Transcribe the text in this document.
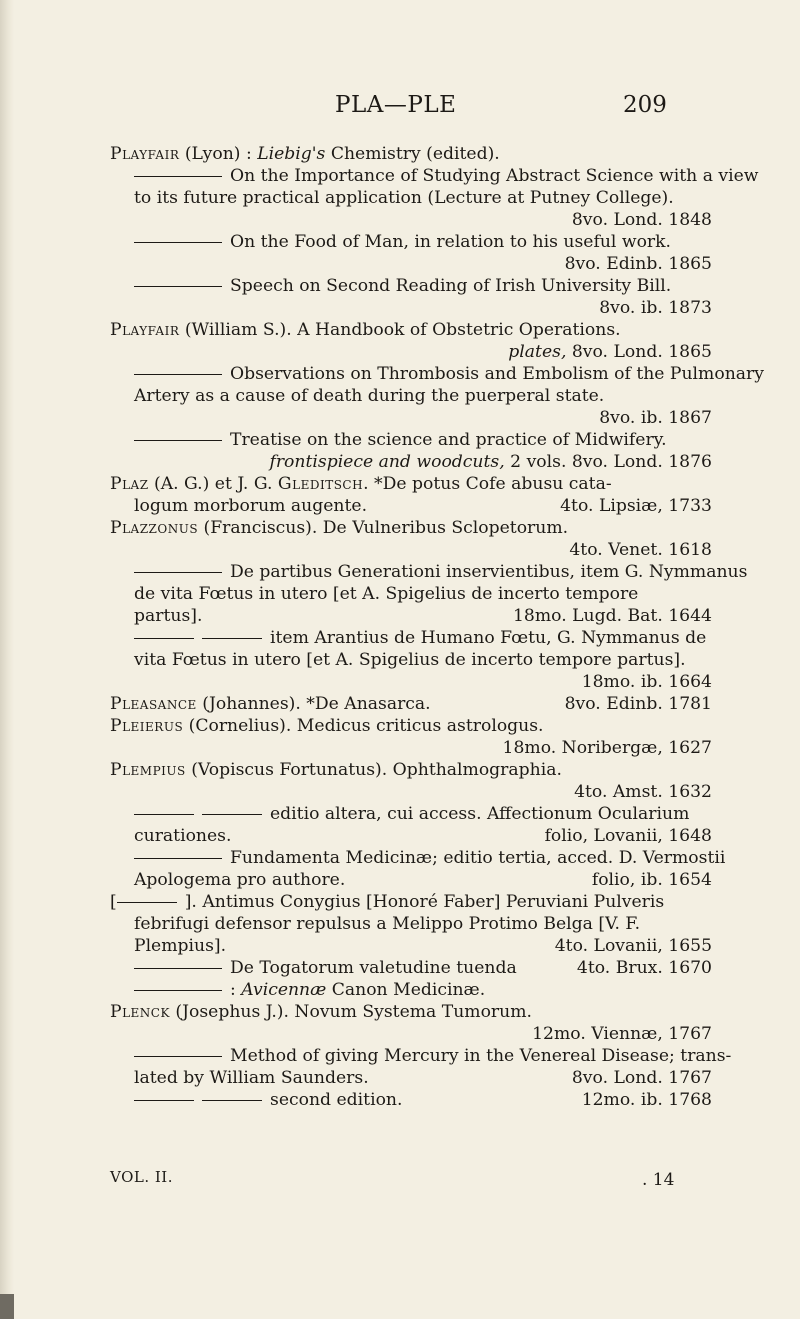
PLA—PLE	209
Playfair (Lyon) : Liebig's Chemistry (edited).
On the Importance of Studying Abstract Science with a view
to its future practical application (Lecture at Putney College).
8vo. Lond. 1848
On the Food of Man, in relation to his useful work.
8vo. Edinb. 1865
Speech on Second Reading of Irish University Bill.
8vo. ib. 1873
Playfair (William S.). A Handbook of Obstetric Operations.
plates, 8vo. Lond. 1865
Observations on Thrombosis and Embolism of the Pulmonary
Artery as a cause of death during the puerperal state.
8vo. ib. 1867
Treatise on the science and practice of Midwifery.
frontispiece and woodcuts, 2 vols. 8vo. Lond. 1876
Plaz (A. G.) et J. G. Gleditsch. *De potus Cofe abusu cata-
logum morborum augente.	4to. Lipsiæ, 1733
Plazzonus (Franciscus). De Vulneribus Sclopetorum.
4to. Venet. 1618
De partibus Generationi inservientibus, item G. Nymmanus
de vita Fœtus in utero [et A. Spigelius de incerto tempore
partus].	18mo. Lugd. Bat. 1644
item Arantius de Humano Fœtu, G. Nymmanus de
vita Fœtus in utero [et A. Spigelius de incerto tempore partus].
18mo. ib. 1664
Pleasance (Johannes). *De Anasarca.	8vo. Edinb. 1781
Pleierus (Cornelius). Medicus criticus astrologus.
18mo. Noribergæ, 1627
Plempius (Vopiscus Fortunatus). Ophthalmographia.
4to. Amst. 1632
editio altera, cui access. Affectionum Ocularium
curationes.	folio, Lovanii, 1648
Fundamenta Medicinæ; editio tertia, acced. D. Vermostii
Apologema pro authore.	folio, ib. 1654
[	]. Antimus Conygius [Honoré Faber] Peruviani Pulveris
febrifugi defensor repulsus a Melippo Protimo Belga [V. F.
Plempius].	4to. Lovanii, 1655
De Togatorum valetudine tuenda	4to. Brux. 1670
: Avicennæ Canon Medicinæ.
Plenck (Josephus J.). Novum Systema Tumorum.
12mo. Viennæ, 1767
Method of giving Mercury in the Venereal Disease; trans-
lated by William Saunders.	8vo. Lond. 1767
second edition.	12mo. ib. 1768
VOL. II.	. 14
